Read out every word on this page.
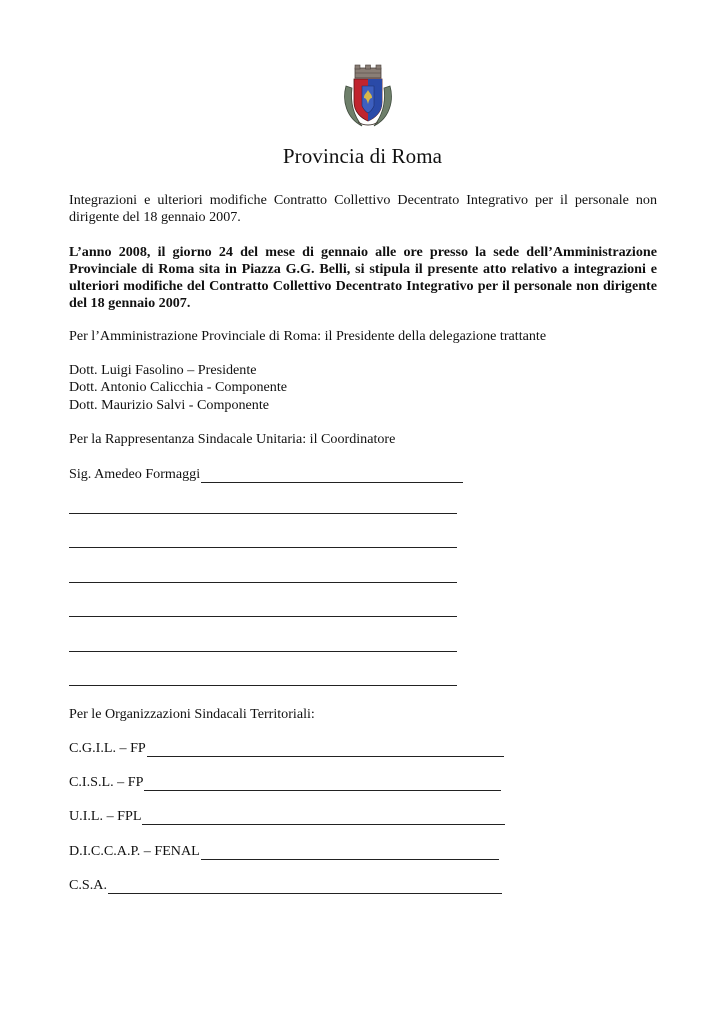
Provincia di Roma

Integrazioni e ulteriori modifiche Contratto Collettivo Decentrato Integrativo per il personale non dirigente del 18 gennaio 2007.

L’anno 2008, il giorno 24 del mese di gennaio alle ore presso la sede dell’Amministrazione Provinciale di Roma sita in Piazza G.G. Belli, si stipula il presente atto relativo a integrazioni e ulteriori modifiche del Contratto Collettivo Decentrato Integrativo per il personale non dirigente del 18 gennaio 2007.

Per l’Amministrazione Provinciale di Roma: il Presidente della delegazione trattante
Dott. Luigi Fasolino – Presidente
Dott. Antonio Calicchia - Componente
Dott. Maurizio Salvi - Componente
Per la Rappresentanza Sindacale Unitaria: il Coordinatore
Sig. Amedeo Formaggi
Per le Organizzazioni Sindacali Territoriali:
C.G.I.L. – FP
C.I.S.L. – FP
U.I.L. – FPL
D.I.C.C.A.P. – FENAL
C.S.A.
